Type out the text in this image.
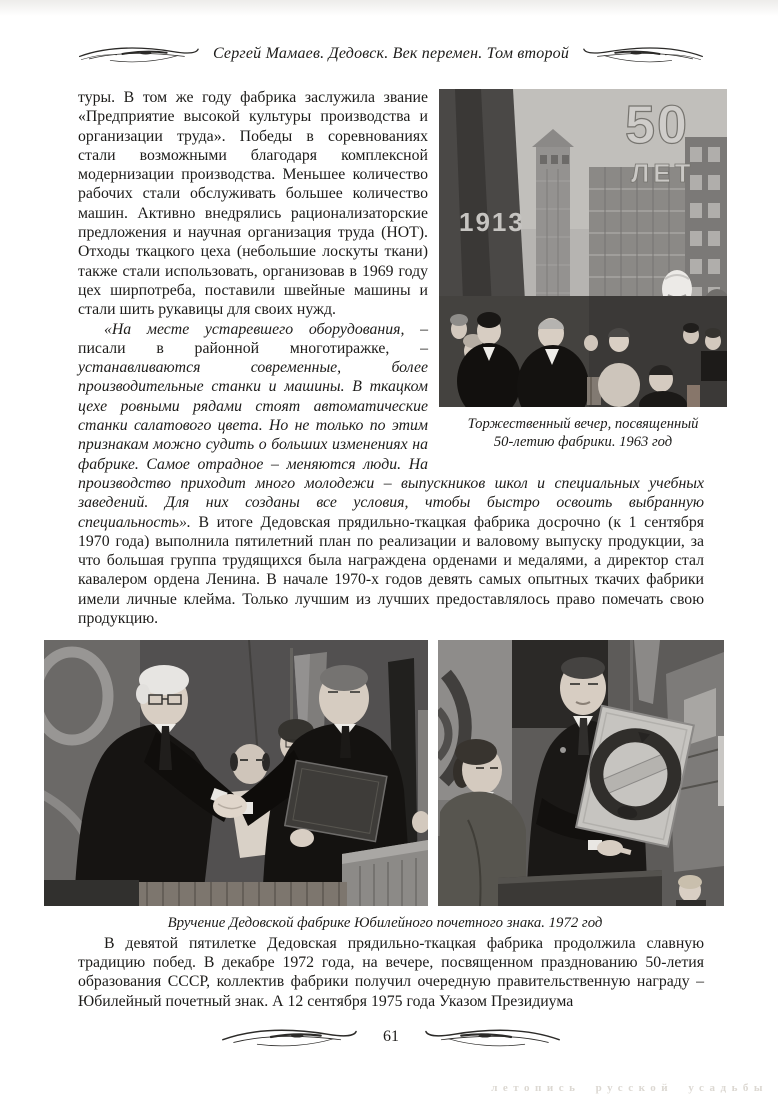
Сергей Мамаев. Дедовск. Век перемен. Том второй
1913
50
ЛЕТ
Торжественный вечер, посвященный
50-летию фабрики. 1963 год

туры. В том же году фабрика заслужила звание «Предприятие высокой культуры производства и организации труда». Победы в соревнованиях стали возможными благодаря комплексной модернизации производства. Меньшее количество рабочих стали обслуживать большее количество машин. Активно внедрялись рационализаторские предложения и научная организация труда (НОТ). Отходы ткацкого цеха (небольшие лоскуты ткани) также стали использовать, организовав в 1969 году цех ширпотреба, поставили швейные машины и стали шить рукавицы для своих нужд.

«На месте устаревшего оборудования, – писали в районной многотиражке, – устанавливаются современные, более производительные станки и машины. В ткацком цехе ровными рядами стоят автоматические станки салатового цвета. Но не только по этим признакам можно судить о больших изменениях на фабрике. Самое отрадное – меняются люди. На производство приходит много молодежи – выпускников школ и специальных учебных заведений. Для них созданы все условия, чтобы быстро освоить выбранную специальность». В итоге Дедовская прядильно-ткацкая фабрика досрочно (к 1 сентября 1970 года) выполнила пятилетний план по реализации и валовому выпуску продукции, за что большая группа трудящихся была награждена орденами и медалями, а директор стал кавалером ордена Ленина. В начале 1970-х годов девять самых опытных ткачих фабрики имели личные клейма. Только лучшим из лучших предоставлялось право помечать свою продукцию.

Вручение Дедовской фабрике Юбилейного почетного знака. 1972 год

В девятой пятилетке Дедовская прядильно-ткацкая фабрика продолжила славную традицию побед. В декабре 1972 года, на вечере, посвященном празднованию 50-летия образования СССР, коллектив фабрики получил очередную правительственную награду – Юбилейный почетный знак. А 12 сентября 1975 года Указом Президиума

61
летопись русской усадьбы
